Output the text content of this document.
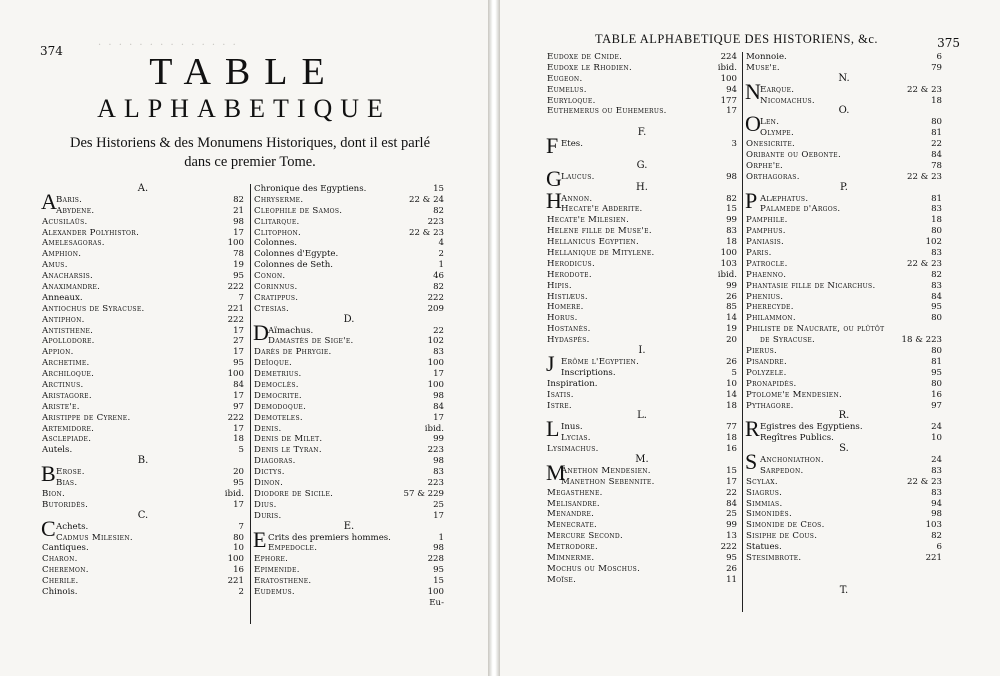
· · · · · · · · · · · · · ·
374	TABLE
ALPHABETIQUE
Des Historiens & des Monumens Historiques, dont il est parlé dans ce premier Tome.
A.
A Baris.	82
Abydene.	21
Acusilaüs.	98
Alexander Polyhistor.	17
Amelesagoras.	100
Amphion.	78
Amus.	19
Anacharsis.	95
Anaximandre.	222
Anneaux.	7
Antiochus de Syracuse.	221
Antiphon.	222
Antisthene.	17
Apollodore.	27
Appion.	17
Archetime.	95
Archiloque.	100
Arctinus.	84
Aristagore.	17
Ariste'e.	97
Aristippe de Cyrene.	222
Artemidore.	17
Asclepiade.	18
Autels.	5
B.
B Erose.	20
Bias.	95
Bion.	ibid.
Butoridès.	17
C.
C Achets.	7
Cadmus Milesien.	80
Cantiques.	10
Charon.	100
Cheremon.	16
Cherile.	221
Chinois.	2
Chronique des Egyptiens.	15
Chryserme.	22 & 24
Cleophile de Samos.	82
Clitarque.	223
Clitophon.	22 & 23
Colonnes.	4
Colonnes d'Egypte.	2
Colonnes de Seth.	1
Conon.	46
Corinnus.	82
Cratippus.	222
Ctesias.	209
D.
D Aïmachus.	22
Damastès de Sige'e.	102
Darès de Phrygie.	83
Deïoque.	100
Demetrius.	17
Democlès.	100
Democrite.	98
Demodoque.	84
Demoteles.	17
Denis.	ibid.
Denis de Milet.	99
Denis le Tyran.	223
Diagoras.	98
Dictys.	83
Dinon.	223
Diodore de Sicile.	57 & 229
Dius.	25
Duris.	17
E.
E Crits des premiers hommes.	1
Empedocle.	98
Ephore.	228
Epimenide.	95
Eratosthene.	15
Eudemus.	100
Eu-
TABLE ALPHABETIQUE DES HISTORIENS, &c.	375
Eudoxe de Cnide.	224
Eudoxe le Rhodien.	ibid.
Eugeon.	100
Eumelus.	94
Euryloque.	177
Euthemerus ou Euhemerus.	17
F.
F Etes.	3
G.
G Laucus.	98
H.
H Annon.	82
Hecate'e Abderite.	15
Hecate'e Milesien.	99
Helene fille de Muse'e.	83
Hellanicus Egyptien.	18
Hellanique de Mitylene.	100
Herodicus.	103
Herodote.	ibid.
Hipis.	99
Histiæus.	26
Homere.	85
Horus.	14
Hostanès.	19
Hydaspès.	20
I.
J Erôme l'Egyptien.	26
Inscriptions.	5
Inspiration.	10
Isatis.	14
Istre.	18
L.
L Inus.	77
Lycias.	18
Lysimachus.	16
M.
M
Anethon Mendesien.	15
Manethon Sebennite.	17
Megasthene.	22
Melisandre.	84
Menandre.	25
Menecrate.	99
Mercure Second.	13
Metrodore.	222
Mimnerme.	95
Mochus ou Moschus.	26
Moïse.	11
Monnoie.	6
Muse'e.	79
N.
N Earque.	22 & 23
Nicomachus.	18
O.
O Len.	80
Olympe.	81
Onesicrite.	22
Oribante ou Oebonte.	84
Orphe'e.	78
Orthagoras.	22 & 23
P.
P Alæphatus.	81
Palamede d'Argos.	83
Pamphile.	18
Pamphus.	80
Paniasis.	102
Paris.	83
Patrocle.	22 & 23
Phaenno.	82
Phantasie fille de Nicarchus.	83
Phenius.	84
Pherecyde.	95
Philammon.	80
Philiste de Naucrate, ou plûtôt
de Syracuse.	18 & 223
Pierus.	80
Pisandre.	81
Polyzele.	95
Pronapidès.	80
Ptolome'e Mendesien.	16
Pythagore.	97
R.
R Egistres des Egyptiens.	24
Regîtres Publics.	10
S.
S Anchoniathon.	24
Sarpedon.	83
Scylax.	22 & 23
Siagrus.	83
Simmias.	94
Simonidès.	98
Simonide de Ceos.	103
Sisiphe de Cous.	82
Statues.	6
Stesimbrote.	221
T.
